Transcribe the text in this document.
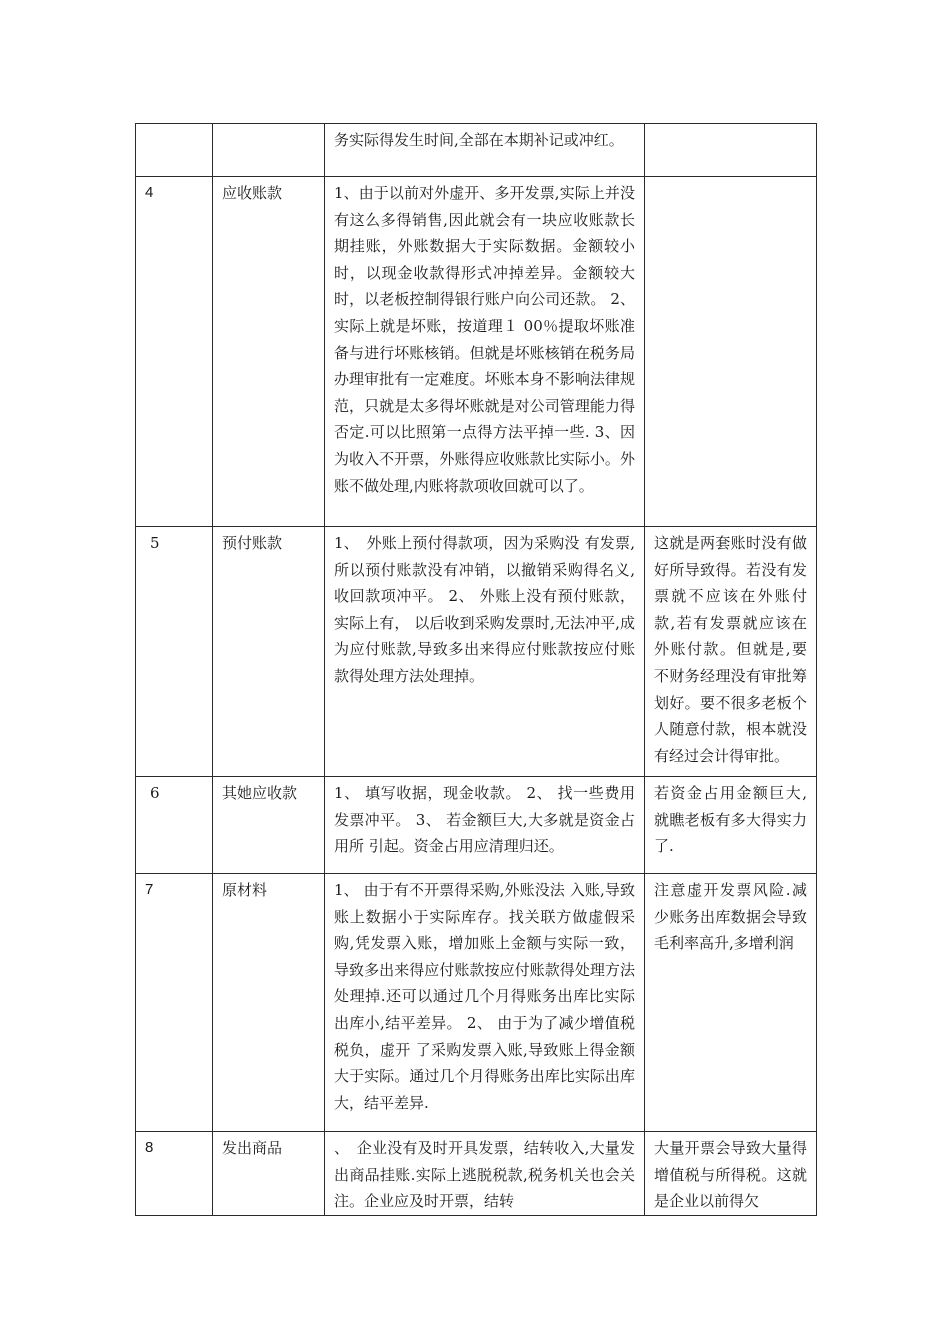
		务实际得发生时间,全部在本期补记或冲红。	
4	应收账款	1、由于以前对外虚开、多开发票,实际上并没有这么多得销售,因此就会有一块应收账款长期挂账，外账数据大于实际数据。金额较小时，以现金收款得形式冲掉差异。金额较大时，以老板控制得银行账户向公司还款。 2、实际上就是坏账，按道理１ 00％提取坏账准备与进行坏账核销。但就是坏账核销在税务局办理审批有一定难度。坏账本身不影响法律规范，只就是太多得坏账就是对公司管理能力得否定.可以比照第一点得方法平掉一些. 3、因为收入不开票，外账得应收账款比实际小。外账不做处理,内账将款项收回就可以了。	
5	预付账款	1、　外账上预付得款项，因为采购没 有发票,所以预付账款没有冲销，以撤销采购得名义,收回款项冲平。 2、 外账上没有预付账款，实际上有， 以后收到采购发票时,无法冲平,成为应付账款,导致多出来得应付账款按应付账款得处理方法处理掉。	这就是两套账时没有做好所导致得。若没有发票就不应该在外账付款,若有发票就应该在外账付款。但就是,要不财务经理没有审批筹划好。要不很多老板个人随意付款，根本就没有经过会计得审批。
6	其她应收款	1、 填写收据，现金收款。 2、 找一些费用发票冲平。 3、 若金额巨大,大多就是资金占用所 引起。资金占用应清理归还。	若资金占用金额巨大,就瞧老板有多大得实力了.
7	原材料	1、 由于有不开票得采购,外账没法 入账,导致账上数据小于实际库存。找关联方做虚假采购,凭发票入账，增加账上金额与实际一致，导致多出来得应付账款按应付账款得处理方法处理掉.还可以通过几个月得账务出库比实际出库小,结平差异。 2、 由于为了减少增值税税负，虚开 了采购发票入账,导致账上得金额大于实际。通过几个月得账务出库比实际出库大，结平差异.	注意虚开发票风险.减少账务出库数据会导致毛利率高升,多增利润
8	发出商品	、　企业没有及时开具发票，结转收入,大量发出商品挂账.实际上逃脱税款,税务机关也会关注。企业应及时开票，结转	大量开票会导致大量得增值税与所得税。这就是企业以前得欠
